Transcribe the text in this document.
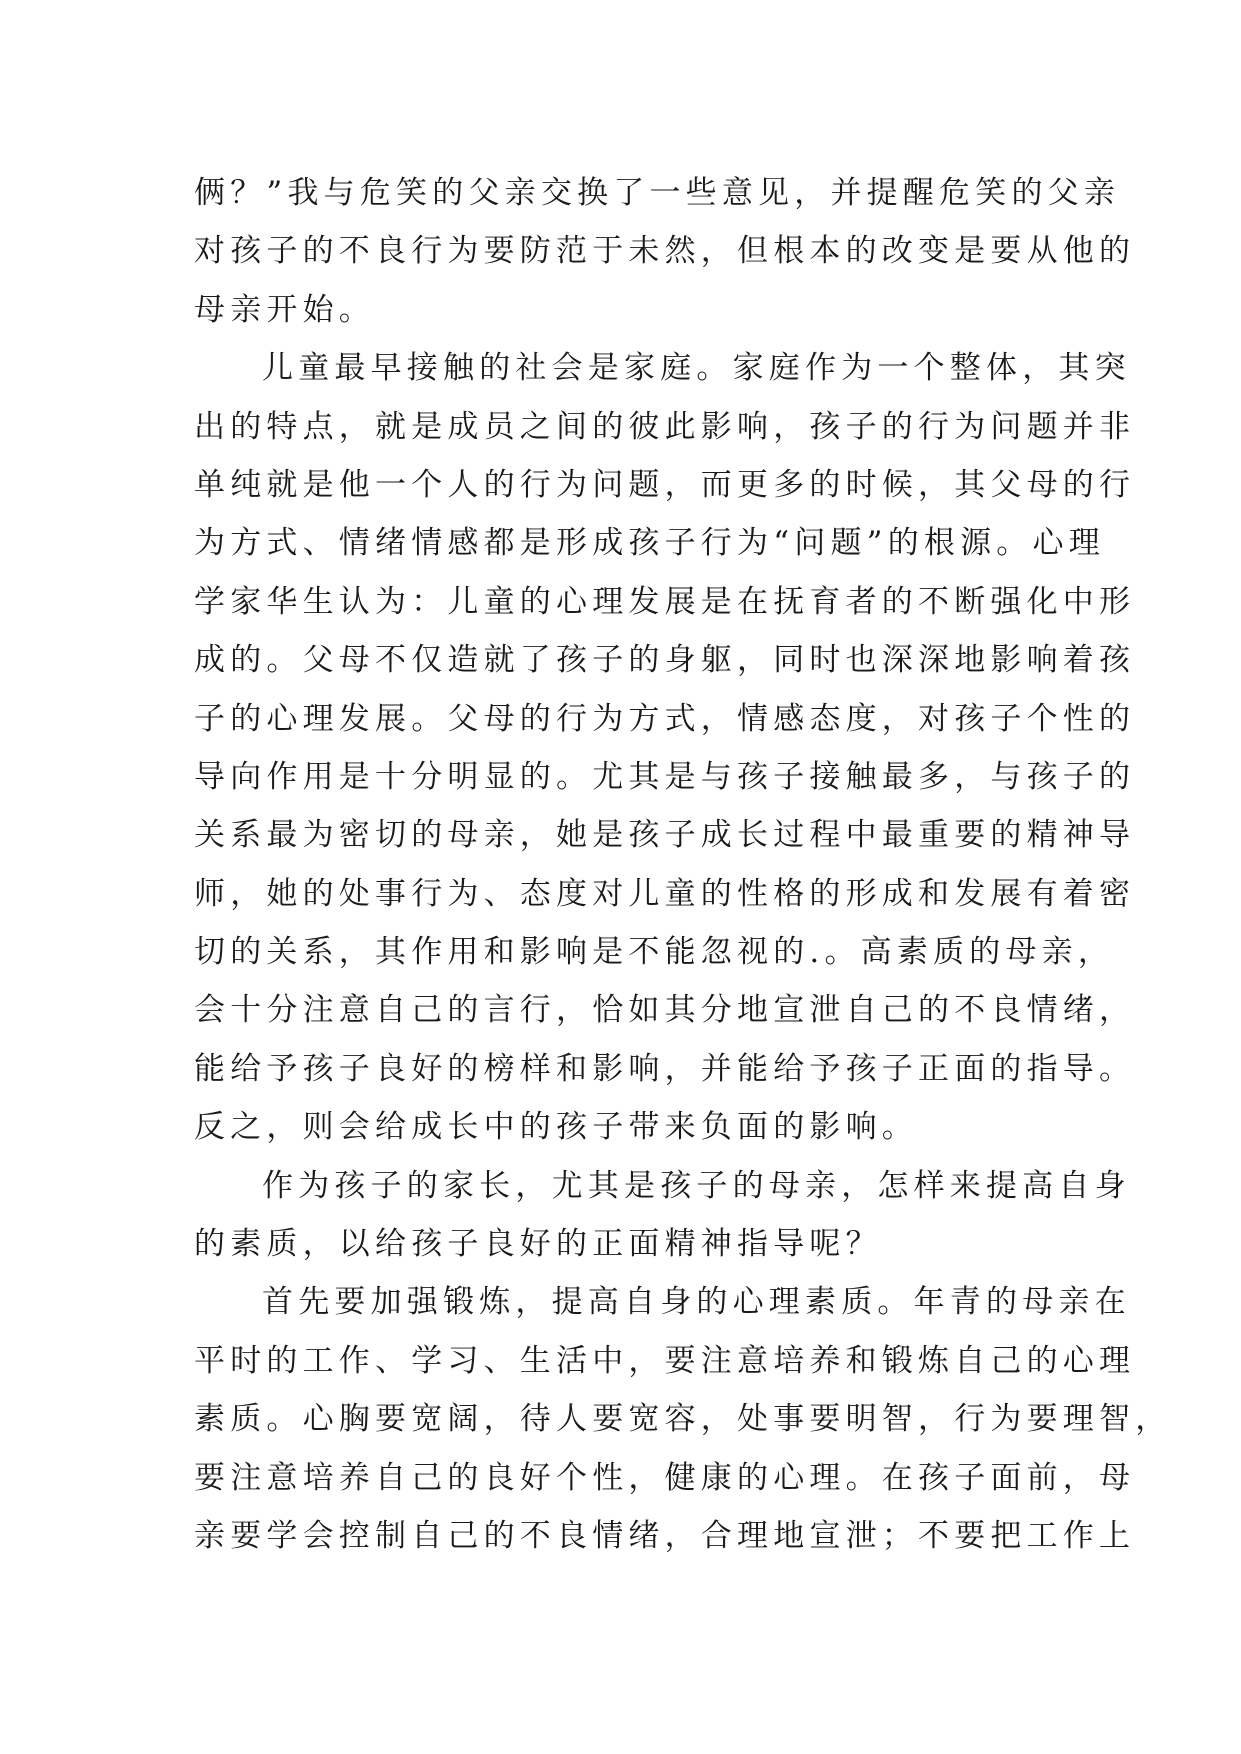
俩？”我与危笑的父亲交换了一些意见，并提醒危笑的父亲
对孩子的不良行为要防范于未然，但根本的改变是要从他的
母亲开始。
儿童最早接触的社会是家庭。家庭作为一个整体，其突
出的特点，就是成员之间的彼此影响，孩子的行为问题并非
单纯就是他一个人的行为问题，而更多的时候，其父母的行
为方式、情绪情感都是形成孩子行为“问题”的根源。心理
学家华生认为：儿童的心理发展是在抚育者的不断强化中形
成的。父母不仅造就了孩子的身躯，同时也深深地影响着孩
子的心理发展。父母的行为方式，情感态度，对孩子个性的
导向作用是十分明显的。尤其是与孩子接触最多，与孩子的
关系最为密切的母亲，她是孩子成长过程中最重要的精神导
师，她的处事行为、态度对儿童的性格的形成和发展有着密
切的关系，其作用和影响是不能忽视的.。高素质的母亲，
会十分注意自己的言行，恰如其分地宣泄自己的不良情绪，
能给予孩子良好的榜样和影响，并能给予孩子正面的指导。
反之，则会给成长中的孩子带来负面的影响。
作为孩子的家长，尤其是孩子的母亲，怎样来提高自身
的素质，以给孩子良好的正面精神指导呢？
首先要加强锻炼，提高自身的心理素质。年青的母亲在
平时的工作、学习、生活中，要注意培养和锻炼自己的心理
素质。心胸要宽阔，待人要宽容，处事要明智，行为要理智，
要注意培养自己的良好个性，健康的心理。在孩子面前，母
亲要学会控制自己的不良情绪，合理地宣泄；不要把工作上
